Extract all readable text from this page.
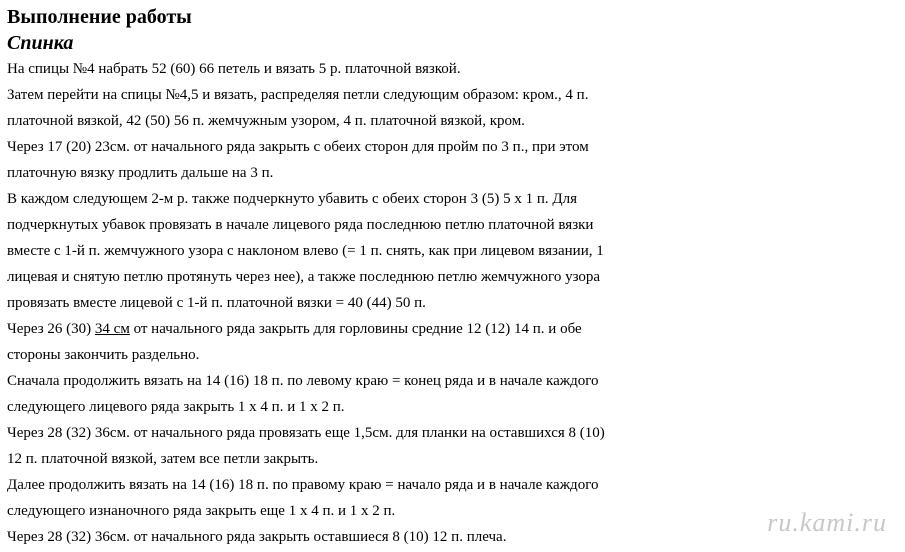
Выполнение работы

Спинка

На спицы №4 набрать 52 (60) 66 петель и вязать 5 р. платочной вязкой.

Затем перейти на спицы №4,5 и вязать, распределяя петли следующим образом: кром., 4 п.

платочной вязкой, 42 (50) 56 п. жемчужным узором, 4 п. платочной вязкой, кром.

Через 17 (20) 23см. от начального ряда закрыть с обеих сторон для пройм по 3 п., при этом

платочную вязку продлить дальше на 3 п.

В каждом следующем 2-м р. также подчеркнуто убавить с обеих сторон 3 (5) 5 х 1 п. Для

подчеркнутых убавок провязать в начале лицевого ряда последнюю петлю платочной вязки

вместе с 1-й п. жемчужного узора с наклоном влево (= 1 п. снять, как при лицевом вязании, 1

лицевая и снятую петлю протянуть через нее), а также последнюю петлю жемчужного узора

провязать вместе лицевой с 1-й п. платочной вязки = 40 (44) 50 п.

Через 26 (30) 34 см от начального ряда закрыть для горловины средние 12 (12) 14 п. и обе

стороны закончить раздельно.

Сначала продолжить вязать на 14 (16) 18 п. по левому краю = конец ряда и в начале каждого

следующего лицевого ряда закрыть 1 х 4 п. и 1 х 2 п.

Через 28 (32) 36см. от начального ряда провязать еще 1,5см. для планки на оставшихся 8 (10)

12 п. платочной вязкой, затем все петли закрыть.

Далее продолжить вязать на 14 (16) 18 п. по правому краю = начало ряда и в начале каждого

следующего изнаночного ряда закрыть еще 1 х 4 п. и 1 х 2 п.

Через 28 (32) 36см. от начального ряда закрыть оставшиеся 8 (10) 12 п. плеча.	ru.kami.ru
